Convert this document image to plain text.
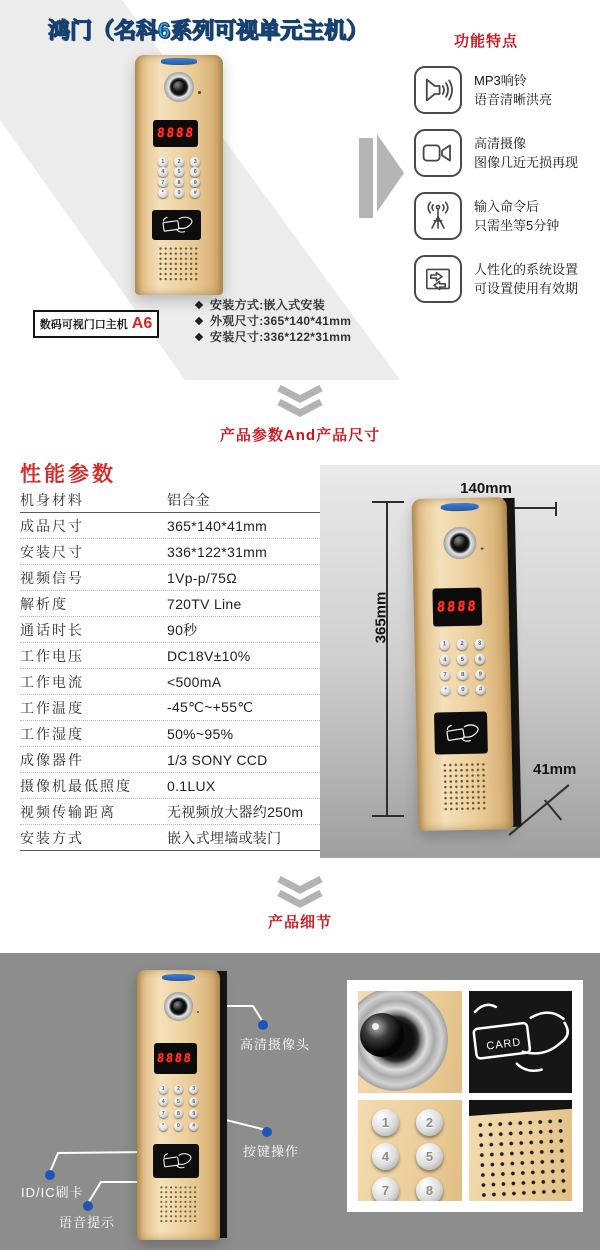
鸿门（名科6系列可视单元主机）
8888
1	2	3
4	5	6
7	8	9
*	0	#
功能特点
MP3响铃
语音清晰洪亮
高清摄像
图像几近无损再现
输入命令后
只需坐等5分钟
人性化的系统设置
可设置使用有效期
数码可视门口主机 A6
安装方式:嵌入式安装
外观尺寸:365*140*41mm
安装尺寸:336*122*31mm
产品参数And产品尺寸
性能参数
机身材料	铝合金
成品尺寸	365*140*41mm
安装尺寸	336*122*31mm
视频信号	1Vp-p/75Ω
解析度	720TV Line
通话时长	90秒
工作电压	DC18V±10%
工作电流	<500mA
工作温度	-45℃~+55℃
工作湿度	50%~95%
成像器件	1/3 SONY CCD
摄像机最低照度	0.1LUX
视频传输距离	无视频放大器约250m
安装方式	嵌入式埋墙或装门
140mm
365mm
41mm
8888
1	2	3
4	5	6
7	8	9
*	0	#
产品细节
8888
1	2	3
4	5	6
7	8	9
*	0	#
高清摄像头
按键操作
ID/IC刷卡
语音提示
CARD
1	2
4	5
7	8
